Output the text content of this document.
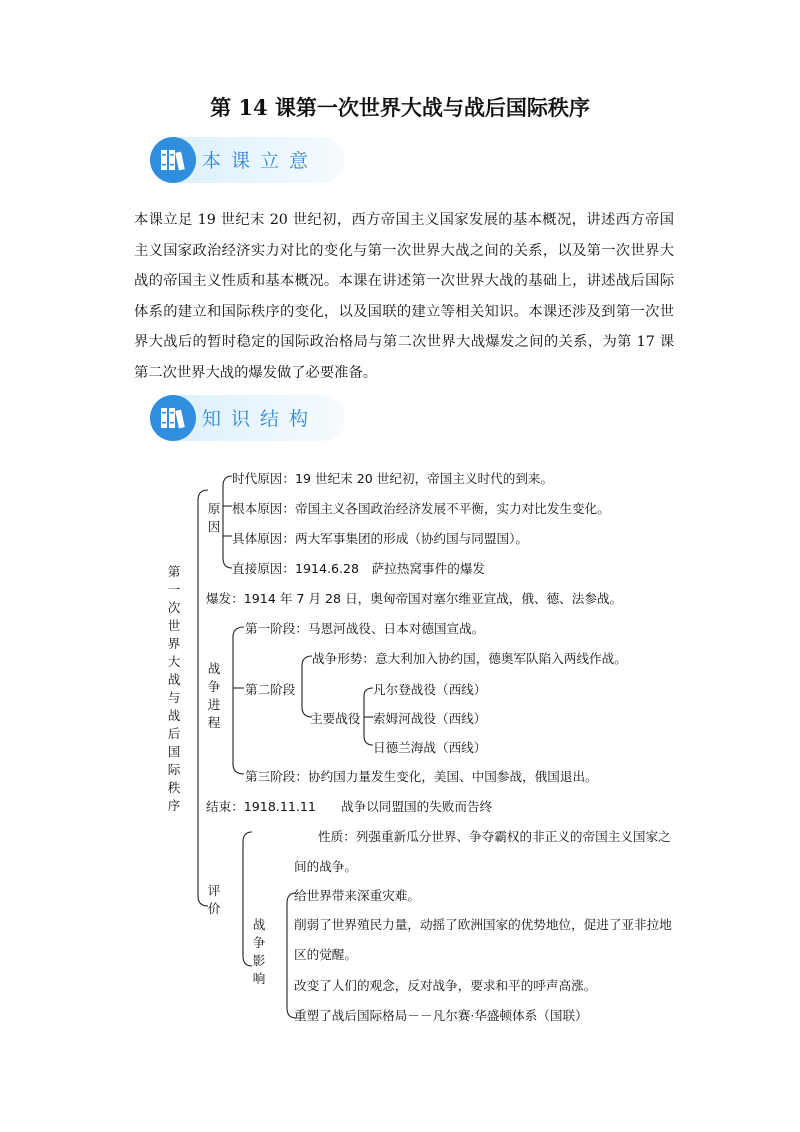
第 14 课第一次世界大战与战后国际秩序
本课立意
本课立足 19 世纪末 20 世纪初，西方帝国主义国家发展的基本概况，讲述西方帝国主义国家政治经济实力对比的变化与第一次世界大战之间的关系，以及第一次世界大战的帝国主义性质和基本概况。本课在讲述第一次世界大战的基础上，讲述战后国际体系的建立和国际秩序的变化，以及国联的建立等相关知识。本课还涉及到第一次世界大战后的暂时稳定的国际政治格局与第二次世界大战爆发之间的关系，为第 17 课第二次世界大战的爆发做了必要准备。
知识结构
第一次世界大战与战后国际秩序
原因
时代原因：19 世纪末 20 世纪初，帝国主义时代的到来。
根本原因：帝国主义各国政治经济发展不平衡，实力对比发生变化。
具体原因：两大军事集团的形成（协约国与同盟国）。
直接原因：1914.6.28　萨拉热窝事件的爆发
爆发：1914 年 7 月 28 日，奥匈帝国对塞尔维亚宣战，俄、德、法参战。
战争进程
第一阶段：马恩河战役、日本对德国宣战。
第二阶段
战争形势：意大利加入协约国，德奥军队陷入两线作战。
主要战役
凡尔登战役（西线）
索姆河战役（西线）
日德兰海战（西线）
第三阶段：协约国力量发生变化，美国、中国参战，俄国退出。
结束：1918.11.11　　战争以同盟国的失败而告终
评价
性质：列强重新瓜分世界、争夺霸权的非正义的帝国主义国家之
间的战争。
战争影响
给世界带来深重灾难。
削弱了世界殖民力量，动摇了欧洲国家的优势地位，促进了亚非拉地
区的觉醒。
改变了人们的观念，反对战争，要求和平的呼声高涨。
重塑了战后国际格局－－凡尔赛·华盛顿体系（国联）
